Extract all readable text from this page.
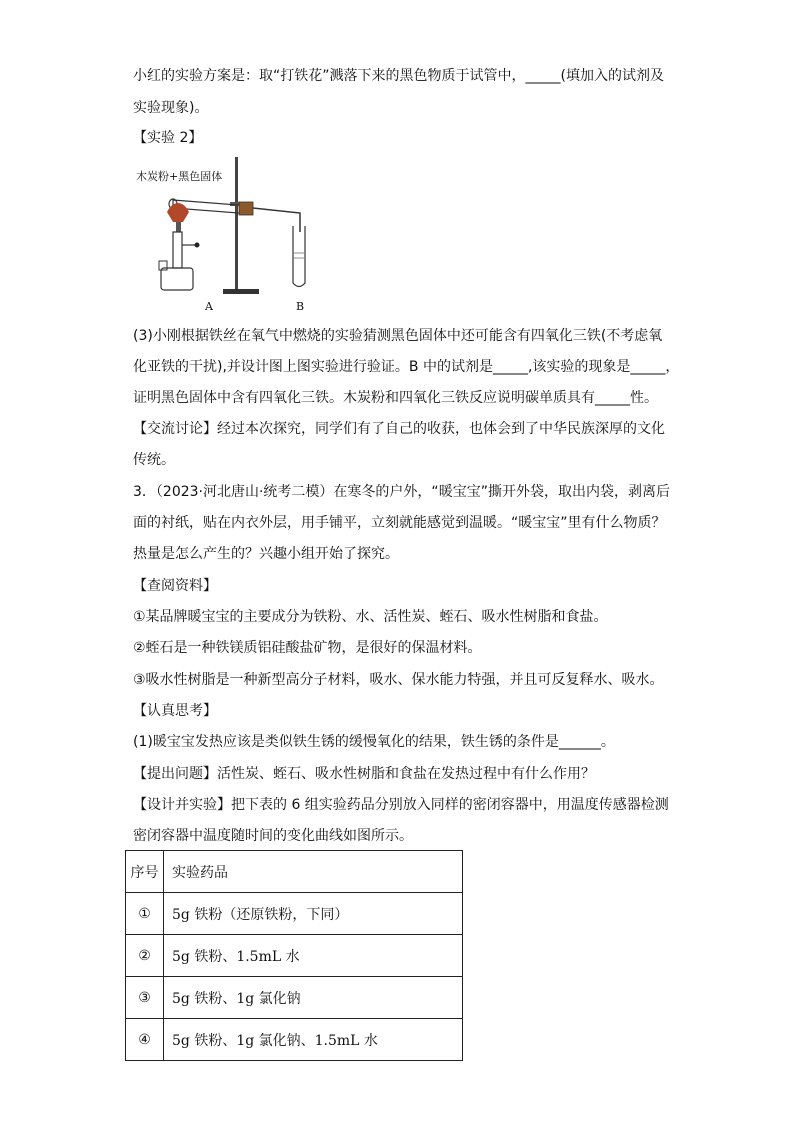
小红的实验方案是：取“打铁花”溅落下来的黑色物质于试管中，_____(填加入的试剂及
实验现象)。
【实验 2】
木炭粉+黑色固体
A	B
(3)小刚根据铁丝在氧气中燃烧的实验猜测黑色固体中还可能含有四氧化三铁(不考虑氧
化亚铁的干扰),并设计图上图实验进行验证。B 中的试剂是_____,该实验的现象是_____，
证明黑色固体中含有四氧化三铁。木炭粉和四氧化三铁反应说明碳单质具有_____性。
【交流讨论】经过本次探究，同学们有了自己的收获，也体会到了中华民族深厚的文化
传统。
3．（2023·河北唐山·统考二模）在寒冬的户外，“暖宝宝”撕开外袋，取出内袋，剥离后
面的衬纸，贴在内衣外层，用手铺平，立刻就能感觉到温暖。“暖宝宝”里有什么物质？
热量是怎么产生的？兴趣小组开始了探究。
【查阅资料】
①某品牌暖宝宝的主要成分为铁粉、水、活性炭、蛭石、吸水性树脂和食盐。
②蛭石是一种铁镁质铝硅酸盐矿物，是很好的保温材料。
③吸水性树脂是一种新型高分子材料，吸水、保水能力特强，并且可反复释水、吸水。
【认真思考】
(1)暖宝宝发热应该是类似铁生锈的缓慢氧化的结果，铁生锈的条件是______。
【提出问题】活性炭、蛭石、吸水性树脂和食盐在发热过程中有什么作用？
【设计并实验】把下表的 6 组实验药品分别放入同样的密闭容器中，用温度传感器检测
密闭容器中温度随时间的变化曲线如图所示。
序号	实验药品
①	5g 铁粉（还原铁粉，下同）
②	5g 铁粉、1.5mL 水
③	5g 铁粉、1g 氯化钠
④	5g 铁粉、1g 氯化钠、1.5mL 水
